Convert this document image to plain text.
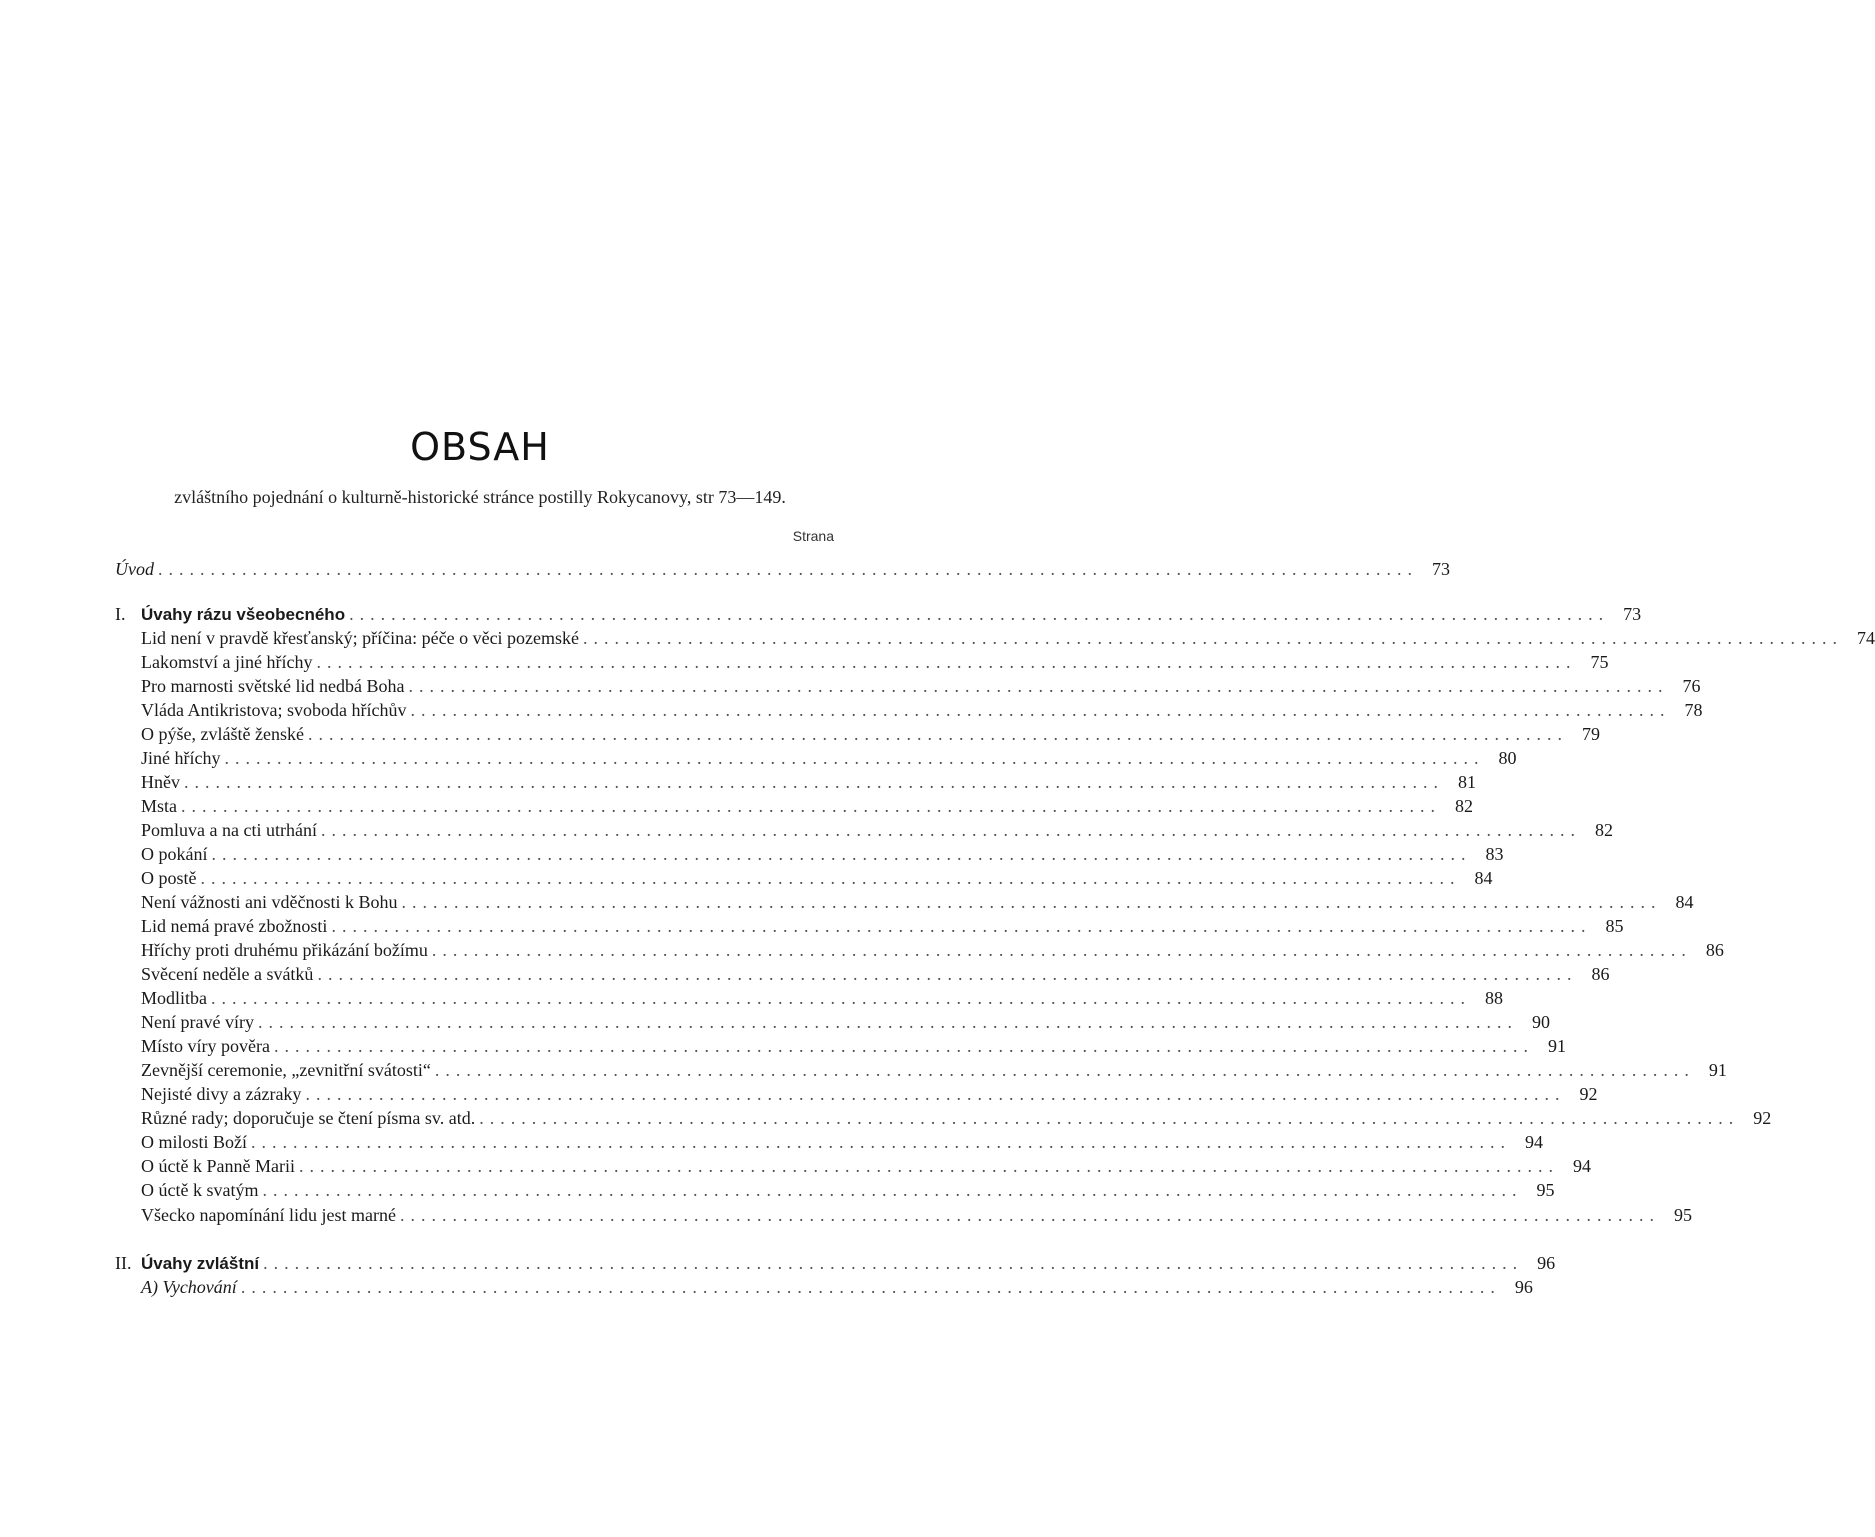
OBSAH
zvláštního pojednání o kulturně-historické stránce postilly Rokycanovy, str 73—149.
Strana
Úvod ........................................................................................................................ 73
I. Úvahy rázu všeobecného ........................................................................................................................ 73
Lid není v pravdě křesťanský; příčina: péče o věci pozemské ........................................................................................................................ 74
Lakomství a jiné hříchy ........................................................................................................................ 75
Pro marnosti světské lid nedbá Boha ........................................................................................................................ 76
Vláda Antikristova; svoboda hříchův ........................................................................................................................ 78
O pýše, zvláště ženské ........................................................................................................................ 79
Jiné hříchy ........................................................................................................................ 80
Hněv ........................................................................................................................ 81
Msta ........................................................................................................................ 82
Pomluva a na cti utrhání ........................................................................................................................ 82
O pokání ........................................................................................................................ 83
O postě ........................................................................................................................ 84
Není vážnosti ani vděčnosti k Bohu ........................................................................................................................ 84
Lid nemá pravé zbožnosti ........................................................................................................................ 85
Hříchy proti druhému přikázání božímu ........................................................................................................................ 86
Svěcení neděle a svátků ........................................................................................................................ 86
Modlitba ........................................................................................................................ 88
Není pravé víry ........................................................................................................................ 90
Místo víry pověra ........................................................................................................................ 91
Zevnější ceremonie, „zevnitřní svátosti“ ........................................................................................................................ 91
Nejisté divy a zázraky ........................................................................................................................ 92
Různé rady; doporučuje se čtení písma sv. atd. ........................................................................................................................ 92
O milosti Boží ........................................................................................................................ 94
O úctě k Panně Marii ........................................................................................................................ 94
O úctě k svatým ........................................................................................................................ 95
Všecko napomínání lidu jest marné ........................................................................................................................ 95
II. Úvahy zvláštní ........................................................................................................................ 96
A) Vychování ........................................................................................................................ 96
